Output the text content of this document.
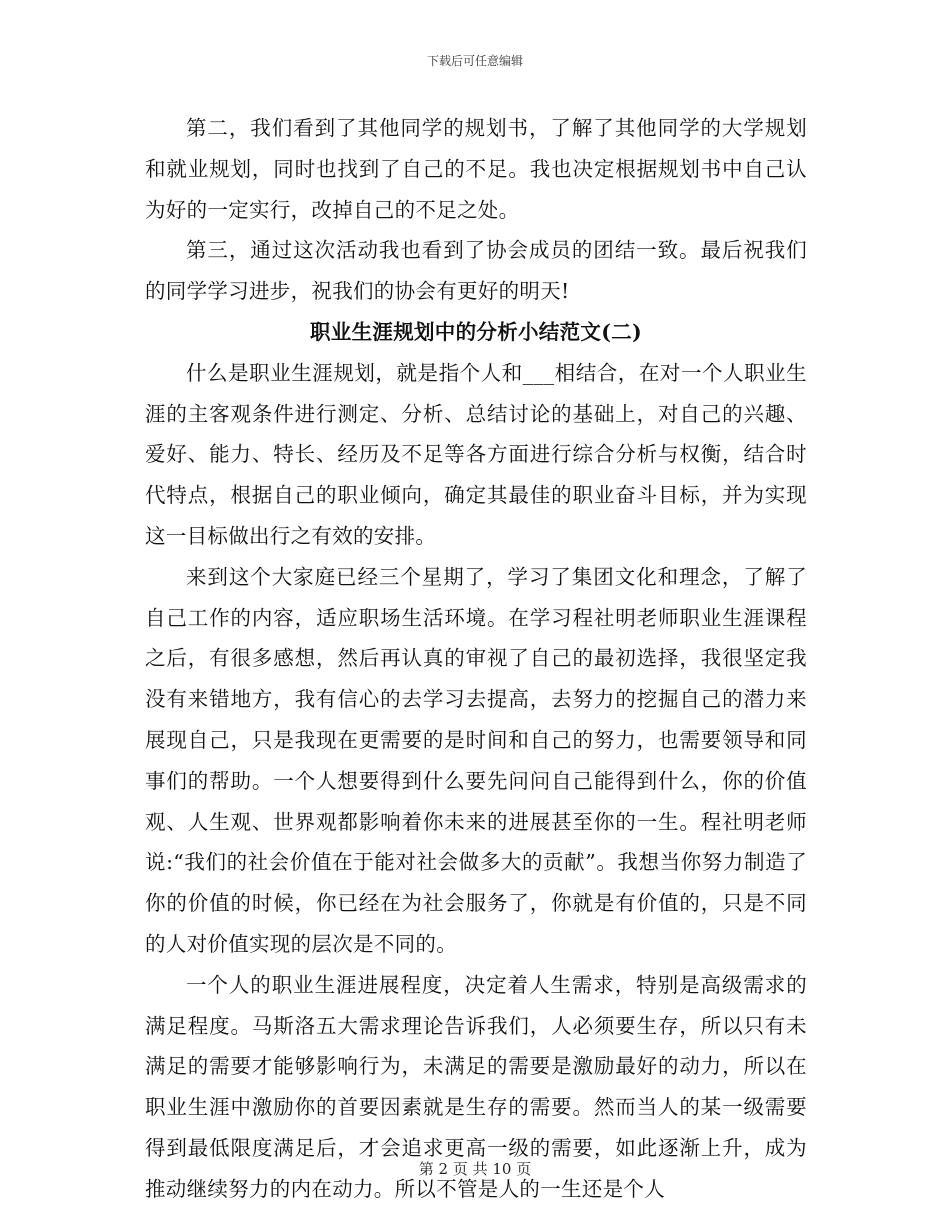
下载后可任意编辑

第二，我们看到了其他同学的规划书，了解了其他同学的大学规划和就业规划，同时也找到了自己的不足。我也决定根据规划书中自己认为好的一定实行，改掉自己的不足之处。

第三，通过这次活动我也看到了协会成员的团结一致。最后祝我们的同学学习进步，祝我们的协会有更好的明天!

职业生涯规划中的分析小结范文(二)

什么是职业生涯规划，就是指个人和___相结合，在对一个人职业生涯的主客观条件进行测定、分析、总结讨论的基础上，对自己的兴趣、爱好、能力、特长、经历及不足等各方面进行综合分析与权衡，结合时代特点，根据自己的职业倾向，确定其最佳的职业奋斗目标，并为实现这一目标做出行之有效的安排。

来到这个大家庭已经三个星期了，学习了集团文化和理念，了解了自己工作的内容，适应职场生活环境。在学习程社明老师职业生涯课程之后，有很多感想，然后再认真的审视了自己的最初选择，我很坚定我没有来错地方，我有信心的去学习去提高，去努力的挖掘自己的潜力来展现自己，只是我现在更需要的是时间和自己的努力，也需要领导和同事们的帮助。一个人想要得到什么要先问问自己能得到什么，你的价值观、人生观、世界观都影响着你未来的进展甚至你的一生。程社明老师说:“我们的社会价值在于能对社会做多大的贡献”。我想当你努力制造了你的价值的时候，你已经在为社会服务了，你就是有价值的，只是不同的人对价值实现的层次是不同的。

一个人的职业生涯进展程度，决定着人生需求，特别是高级需求的满足程度。马斯洛五大需求理论告诉我们，人必须要生存，所以只有未满足的需要才能够影响行为，未满足的需要是激励最好的动力，所以在职业生涯中激励你的首要因素就是生存的需要。然而当人的某一级需要得到最低限度满足后，才会追求更高一级的需要，如此逐渐上升，成为推动继续努力的内在动力。所以不管是人的一生还是个人

第 2 页 共 10 页
